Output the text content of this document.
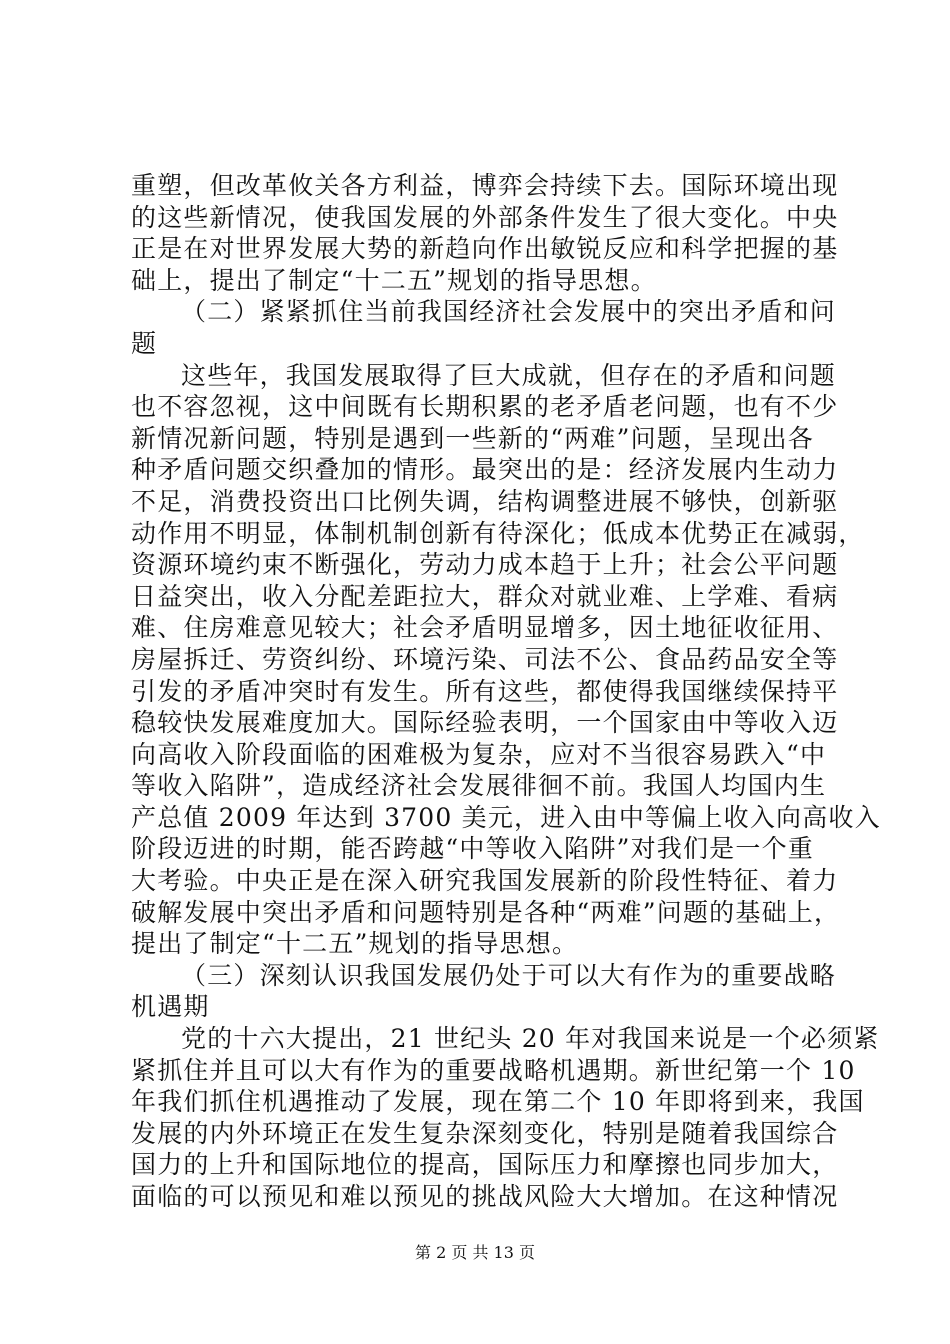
重塑，但改革攸关各方利益，博弈会持续下去。国际环境出现
的这些新情况，使我国发展的外部条件发生了很大变化。中央
正是在对世界发展大势的新趋向作出敏锐反应和科学把握的基
础上，提出了制定“十二五”规划的指导思想。
（二）紧紧抓住当前我国经济社会发展中的突出矛盾和问
题
这些年，我国发展取得了巨大成就，但存在的矛盾和问题
也不容忽视，这中间既有长期积累的老矛盾老问题，也有不少
新情况新问题，特别是遇到一些新的“两难”问题，呈现出各
种矛盾问题交织叠加的情形。最突出的是：经济发展内生动力
不足，消费投资出口比例失调，结构调整进展不够快，创新驱
动作用不明显，体制机制创新有待深化；低成本优势正在减弱，
资源环境约束不断强化，劳动力成本趋于上升；社会公平问题
日益突出，收入分配差距拉大，群众对就业难、上学难、看病
难、住房难意见较大；社会矛盾明显增多，因土地征收征用、
房屋拆迁、劳资纠纷、环境污染、司法不公、食品药品安全等
引发的矛盾冲突时有发生。所有这些，都使得我国继续保持平
稳较快发展难度加大。国际经验表明，一个国家由中等收入迈
向高收入阶段面临的困难极为复杂，应对不当很容易跌入“中
等收入陷阱”，造成经济社会发展徘徊不前。我国人均国内生
产总值 2009 年达到 3700 美元，进入由中等偏上收入向高收入
阶段迈进的时期，能否跨越“中等收入陷阱”对我们是一个重
大考验。中央正是在深入研究我国发展新的阶段性特征、着力
破解发展中突出矛盾和问题特别是各种“两难”问题的基础上，
提出了制定“十二五”规划的指导思想。
（三）深刻认识我国发展仍处于可以大有作为的重要战略
机遇期
党的十六大提出，21 世纪头 20 年对我国来说是一个必须紧
紧抓住并且可以大有作为的重要战略机遇期。新世纪第一个 10
年我们抓住机遇推动了发展，现在第二个 10 年即将到来，我国
发展的内外环境正在发生复杂深刻变化，特别是随着我国综合
国力的上升和国际地位的提高，国际压力和摩擦也同步加大，
面临的可以预见和难以预见的挑战风险大大增加。在这种情况
第 2 页 共 13 页
